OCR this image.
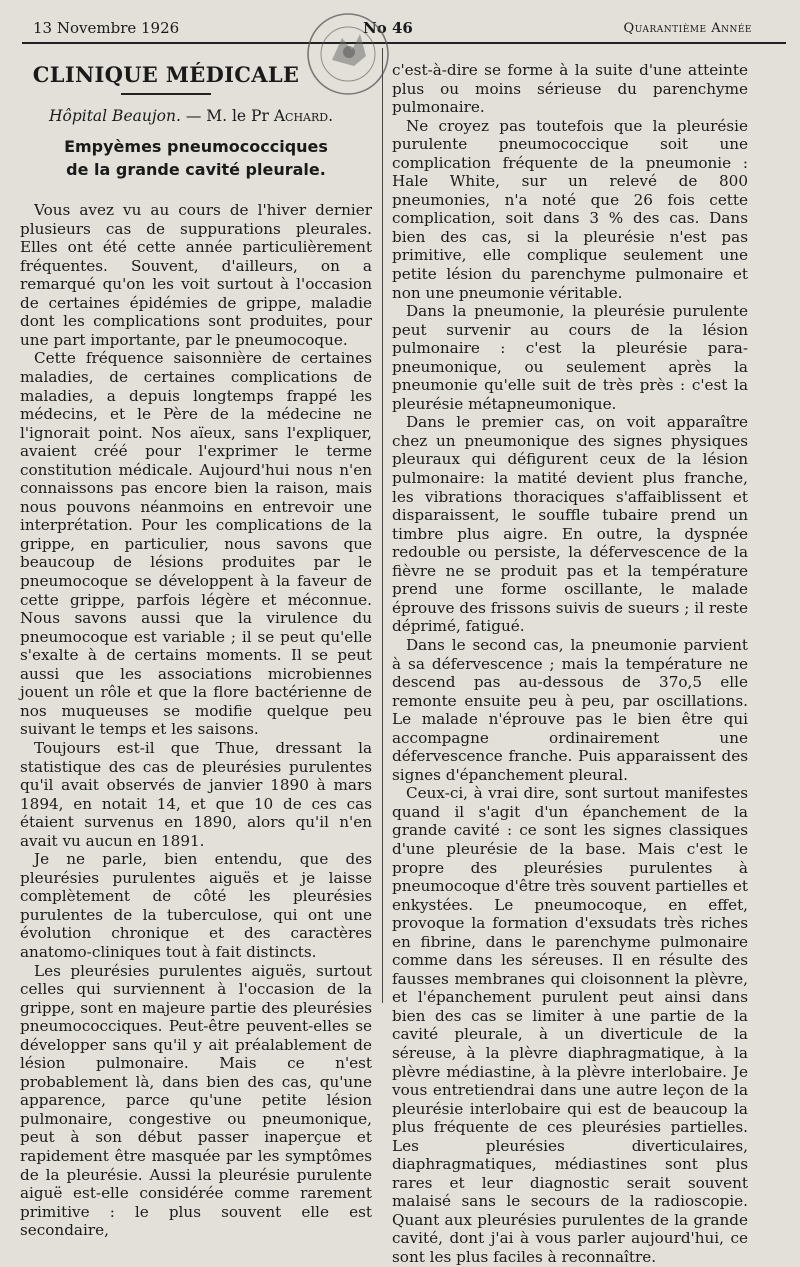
13 Novembre 1926	No 46	Quarantième Année
CLINIQUE MÉDICALE
Hôpital Beaujon. — M. le Pr Achard.
Empyèmes pneumococciques
de la grande cavité pleurale.

Vous avez vu au cours de l'hiver dernier plusieurs cas de suppurations pleurales. Elles ont été cette année particulièrement fréquentes. Souvent, d'ailleurs, on a remarqué qu'on les voit surtout à l'occasion de certaines épidémies de grippe, maladie dont les complications sont produites, pour une part importante, par le pneumocoque.

Cette fréquence saisonnière de certaines maladies, de certaines complications de maladies, a depuis longtemps frappé les médecins, et le Père de la médecine ne l'ignorait point. Nos aïeux, sans l'expliquer, avaient créé pour l'exprimer le terme constitution médicale. Aujourd'hui nous n'en connaissons pas encore bien la raison, mais nous pouvons néanmoins en entrevoir une interprétation. Pour les complications de la grippe, en particulier, nous savons que beaucoup de lésions produites par le pneumocoque se développent à la faveur de cette grippe, parfois légère et méconnue. Nous savons aussi que la virulence du pneumocoque est variable ; il se peut qu'elle s'exalte à de certains moments. Il se peut aussi que les associations microbiennes jouent un rôle et que la flore bactérienne de nos muqueuses se modifie quelque peu suivant le temps et les saisons.

Toujours est-il que Thue, dressant la statistique des cas de pleurésies purulentes qu'il avait observés de janvier 1890 à mars 1894, en notait 14, et que 10 de ces cas étaient survenus en 1890, alors qu'il n'en avait vu aucun en 1891.

Je ne parle, bien entendu, que des pleurésies purulentes aiguës et je laisse complètement de côté les pleurésies purulentes de la tuberculose, qui ont une évolution chronique et des caractères anatomo-cliniques tout à fait distincts.

Les pleurésies purulentes aiguës, surtout celles qui surviennent à l'occasion de la grippe, sont en majeure partie des pleurésies pneumococciques. Peut-être peuvent-elles se développer sans qu'il y ait préalablement de lésion pulmonaire. Mais ce n'est probablement là, dans bien des cas, qu'une apparence, parce qu'une petite lésion pulmonaire, congestive ou pneumonique, peut à son début passer inaperçue et rapidement être masquée par les symptômes de la pleurésie. Aussi la pleurésie purulente aiguë est-elle considérée comme rarement primitive : le plus souvent elle est secondaire,

c'est-à-dire se forme à la suite d'une atteinte plus ou moins sérieuse du parenchyme pulmonaire.

Ne croyez pas toutefois que la pleurésie purulente pneumococcique soit une complication fréquente de la pneumonie : Hale White, sur un relevé de 800 pneumonies, n'a noté que 26 fois cette complication, soit dans 3 % des cas. Dans bien des cas, si la pleurésie n'est pas primitive, elle complique seulement une petite lésion du parenchyme pulmonaire et non une pneumonie véritable.

Dans la pneumonie, la pleurésie purulente peut survenir au cours de la lésion pulmonaire : c'est la pleurésie para-pneumonique, ou seulement après la pneumonie qu'elle suit de très près : c'est la pleurésie métapneumonique.

Dans le premier cas, on voit apparaître chez un pneumonique des signes physiques pleuraux qui défigurent ceux de la lésion pulmonaire: la matité devient plus franche, les vibrations thoraciques s'affaiblissent et disparaissent, le souffle tubaire prend un timbre plus aigre. En outre, la dyspnée redouble ou persiste, la défervescence de la fièvre ne se produit pas et la température prend une forme oscillante, le malade éprouve des frissons suivis de sueurs ; il reste déprimé, fatigué.

Dans le second cas, la pneumonie parvient à sa défervescence ; mais la température ne descend pas au-dessous de 37o,5 elle remonte ensuite peu à peu, par oscillations. Le malade n'éprouve pas le bien être qui accompagne ordinairement une défervescence franche. Puis apparaissent des signes d'épanchement pleural.

Ceux-ci, à vrai dire, sont surtout manifestes quand il s'agit d'un épanchement de la grande cavité : ce sont les signes classiques d'une pleurésie de la base. Mais c'est le propre des pleurésies purulentes à pneumocoque d'être très souvent partielles et enkystées. Le pneumocoque, en effet, provoque la formation d'exsudats très riches en fibrine, dans le parenchyme pulmonaire comme dans les séreuses. Il en résulte des fausses membranes qui cloisonnent la plèvre, et l'épanchement purulent peut ainsi dans bien des cas se limiter à une partie de la cavité pleurale, à un diverticule de la séreuse, à la plèvre diaphragmatique, à la plèvre médiastine, à la plèvre interlobaire. Je vous entretiendrai dans une autre leçon de la pleurésie interlobaire qui est de beaucoup la plus fréquente de ces pleurésies partielles. Les pleurésies diverticulaires, diaphragmatiques, médiastines sont plus rares et leur diagnostic serait souvent malaisé sans le secours de la radioscopie. Quant aux pleurésies purulentes de la grande cavité, dont j'ai à vous parler aujourd'hui, ce sont les plus faciles à reconnaître.
